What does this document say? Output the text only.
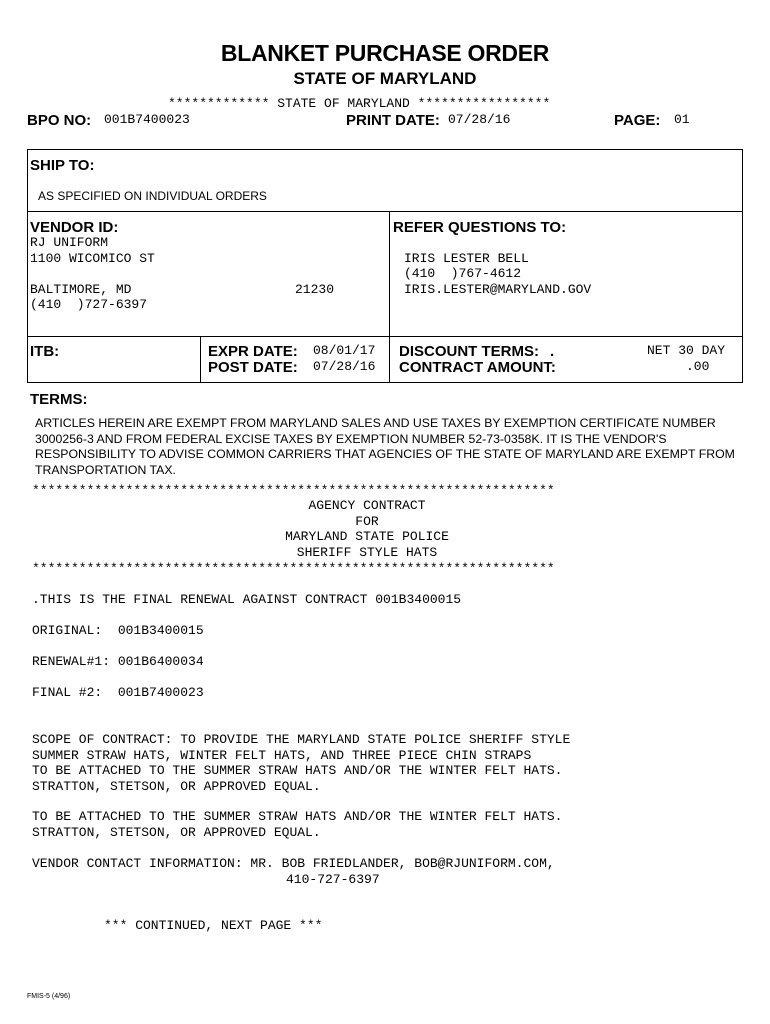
BLANKET PURCHASE ORDER
STATE OF MARYLAND
************* STATE OF MARYLAND *****************
BPO NO: 001B7400023	PRINT DATE: 07/28/16	PAGE: 01
SHIP TO:
AS SPECIFIED ON INDIVIDUAL ORDERS
VENDOR ID:
RJ UNIFORM
1100 WICOMICO ST
BALTIMORE, MD	21230
(410  )727-6397
REFER QUESTIONS TO:
IRIS LESTER BELL
(410  )767-4612
IRIS.LESTER@MARYLAND.GOV
ITB:	EXPR DATE: 08/01/17
POST DATE: 07/28/16
DISCOUNT TERMS: .	NET 30 DAY
CONTRACT AMOUNT:	.00
TERMS:
ARTICLES HEREIN ARE EXEMPT FROM MARYLAND SALES AND USE TAXES BY EXEMPTION CERTIFICATE NUMBER 3000256-3 AND FROM FEDERAL EXCISE TAXES BY EXEMPTION NUMBER 52-73-0358K. IT IS THE VENDOR'S RESPONSIBILITY TO ADVISE COMMON CARRIERS THAT AGENCIES OF THE STATE OF MARYLAND ARE EXEMPT FROM TRANSPORTATION TAX.
*******************************************************************
AGENCY CONTRACT
FOR
MARYLAND STATE POLICE
SHERIFF STYLE HATS
*******************************************************************
.THIS IS THE FINAL RENEWAL AGAINST CONTRACT 001B3400015
ORIGINAL:  001B3400015
RENEWAL#1: 001B6400034
FINAL #2:  001B7400023
SCOPE OF CONTRACT: TO PROVIDE THE MARYLAND STATE POLICE SHERIFF STYLE
SUMMER STRAW HATS, WINTER FELT HATS, AND THREE PIECE CHIN STRAPS
TO BE ATTACHED TO THE SUMMER STRAW HATS AND/OR THE WINTER FELT HATS.
STRATTON, STETSON, OR APPROVED EQUAL.
TO BE ATTACHED TO THE SUMMER STRAW HATS AND/OR THE WINTER FELT HATS.
STRATTON, STETSON, OR APPROVED EQUAL.
VENDOR CONTACT INFORMATION: MR. BOB FRIEDLANDER, BOB@RJUNIFORM.COM,
410-727-6397
*** CONTINUED, NEXT PAGE ***
FMIS-5 (4/96)
